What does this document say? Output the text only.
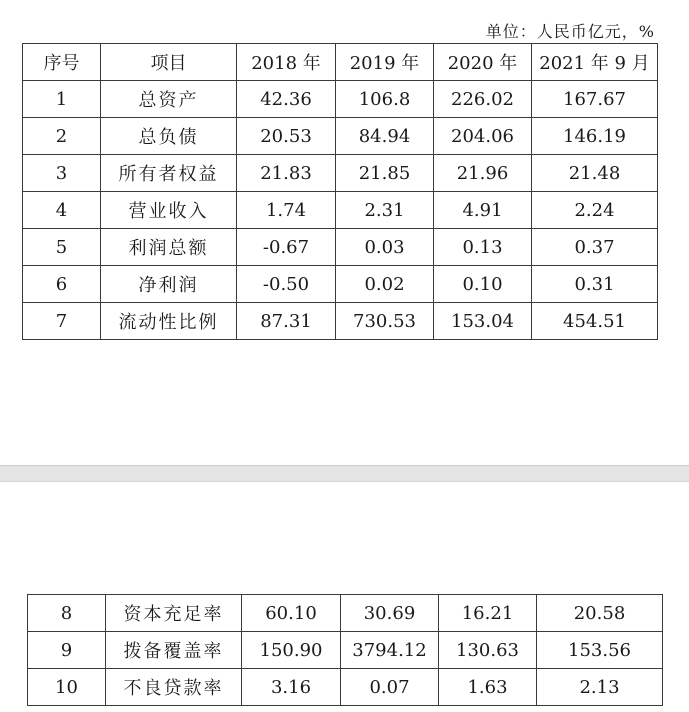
单位：人民币亿元，%
序号	项目	2018 年	2019 年	2020 年	2021 年 9 月
1	总资产	42.36	106.8	226.02	167.67
2	总负债	20.53	84.94	204.06	146.19
3	所有者权益	21.83	21.85	21.96	21.48
4	营业收入	1.74	2.31	4.91	2.24
5	利润总额	-0.67	0.03	0.13	0.37
6	净利润	-0.50	0.02	0.10	0.31
7	流动性比例	87.31	730.53	153.04	454.51
8	资本充足率	60.10	30.69	16.21	20.58
9	拨备覆盖率	150.90	3794.12	130.63	153.56
10	不良贷款率	3.16	0.07	1.63	2.13
